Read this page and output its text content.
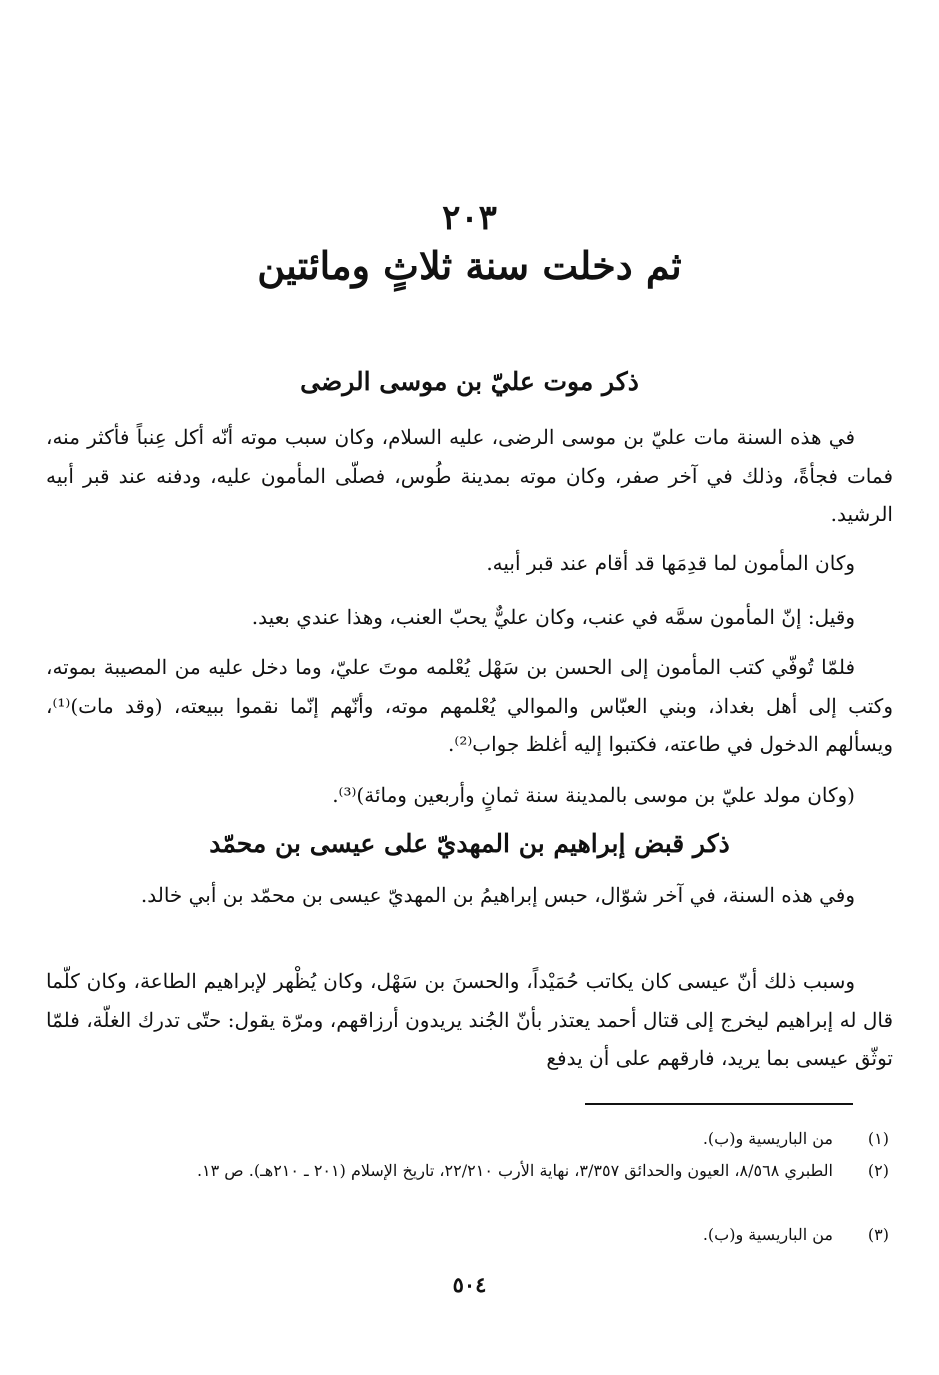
٢٠٣
ثم دخلت سنة ثلاثٍ ومائتين
ذكر موت عليّ بن موسى الرضى
في هذه السنة مات عليّ بن موسى الرضى، عليه السلام، وكان سبب موته أنّه أكل عِنباً فأكثر منه، فمات فجأةً، وذلك في آخر صفر، وكان موته بمدينة طُوس، فصلّى المأمون عليه، ودفنه عند قبر أبيه الرشيد.
وكان المأمون لما قدِمَها قد أقام عند قبر أبيه.
وقيل: إنّ المأمون سمَّه في عنب، وكان عليٌّ يحبّ العنب، وهذا عندي بعيد.
فلمّا تُوفّي كتب المأمون إلى الحسن بن سَهْل يُعْلمه موتَ عليّ، وما دخل عليه من المصيبة بموته، وكتب إلى أهل بغداذ، وبني العبّاس والموالي يُعْلمهم موته، وأنّهم إنّما نقموا ببيعته، (وقد مات)⁽¹⁾، ويسألهم الدخول في طاعته، فكتبوا إليه أغلظ جواب⁽²⁾.
(وكان مولد عليّ بن موسى بالمدينة سنة ثمانٍ وأربعين ومائة)⁽³⁾.
ذكر قبض إبراهيم بن المهديّ على عيسى بن محمّد
وفي هذه السنة، في آخر شوّال، حبس إبراهيمُ بن المهديّ عيسى بن محمّد بن أبي خالد.
وسبب ذلك أنّ عيسى كان يكاتب حُمَيْداً، والحسنَ بن سَهْل، وكان يُظْهر لإبراهيم الطاعة، وكان كلّما قال له إبراهيم ليخرج إلى قتال أحمد يعتذر بأنّ الجُند يريدون أرزاقهم، ومرّة يقول: حتّى تدرك الغلّة، فلمّا توثّق عيسى بما يريد، فارقهم على أن يدفع
(١)
من الباريسية و(ب).
(٢)
الطبري ٨/٥٦٨، العيون والحدائق ٣/٣٥٧، نهاية الأرب ٢٢/٢١٠، تاريخ الإسلام (٢٠١ ـ ٢١٠هـ). ص ١٣.
(٣)
من الباريسية و(ب).
٥٠٤
